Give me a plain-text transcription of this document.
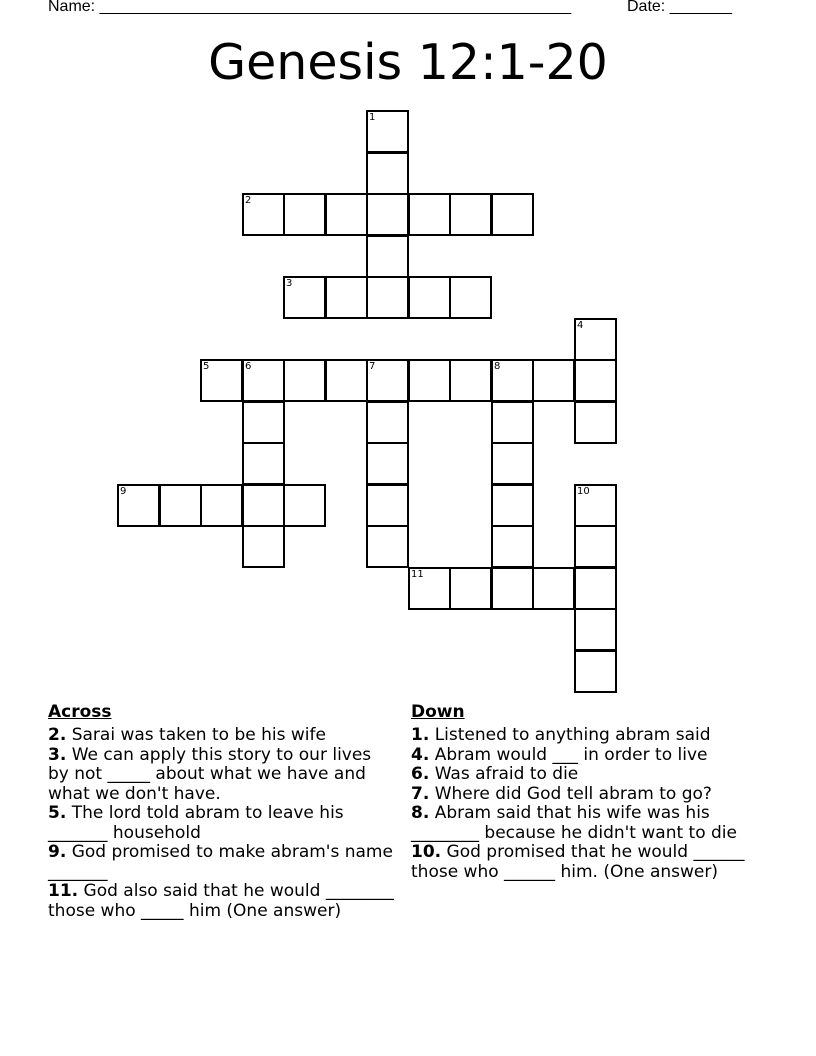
Name: _____________________________________________________	Date: _______
Genesis 12:1-20
1
2
3
4
5	6	7	8
9	10
11
Across

2. Sarai was taken to be his wife

3. We can apply this story to our lives by not _____ about what we have and what we don't have.

5. The lord told abram to leave his _______ household

9. God promised to make abram's name _______

11. God also said that he would ________ those who _____ him (One answer)

Down

1. Listened to anything abram said

4. Abram would ___ in order to live

6. Was afraid to die

7. Where did God tell abram to go?

8. Abram said that his wife was his ________ because he didn't want to die

10. God promised that he would ______ those who ______ him. (One answer)
